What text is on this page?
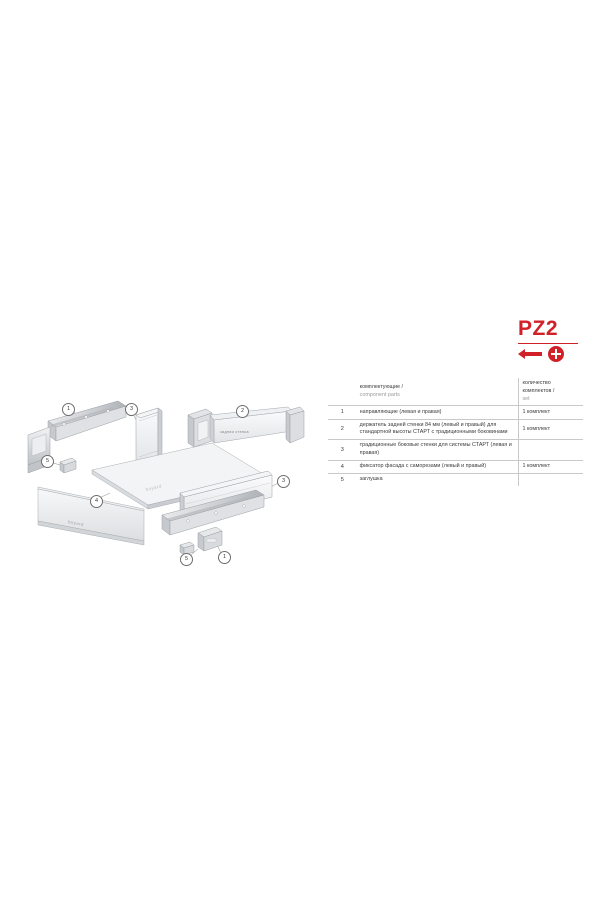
PZ2

комплектующие /
component parts

количество
комплектов /
set

1	направляющие (левая и правая)	1 комплект
2	держатель задней стенки 84 мм (левый и правый) для стандартной высоты СТАРТ с традиционными боковинами	1 комплект
3	традиционные боковые стенки для системы СТАРТ (левая и правая)	
4	фиксатор фасада с саморезами (левый и правый)	1 комплект
5	заглушка	
задняя стенка
boyard
boyard
1	3	2
3
4
5
5	1
